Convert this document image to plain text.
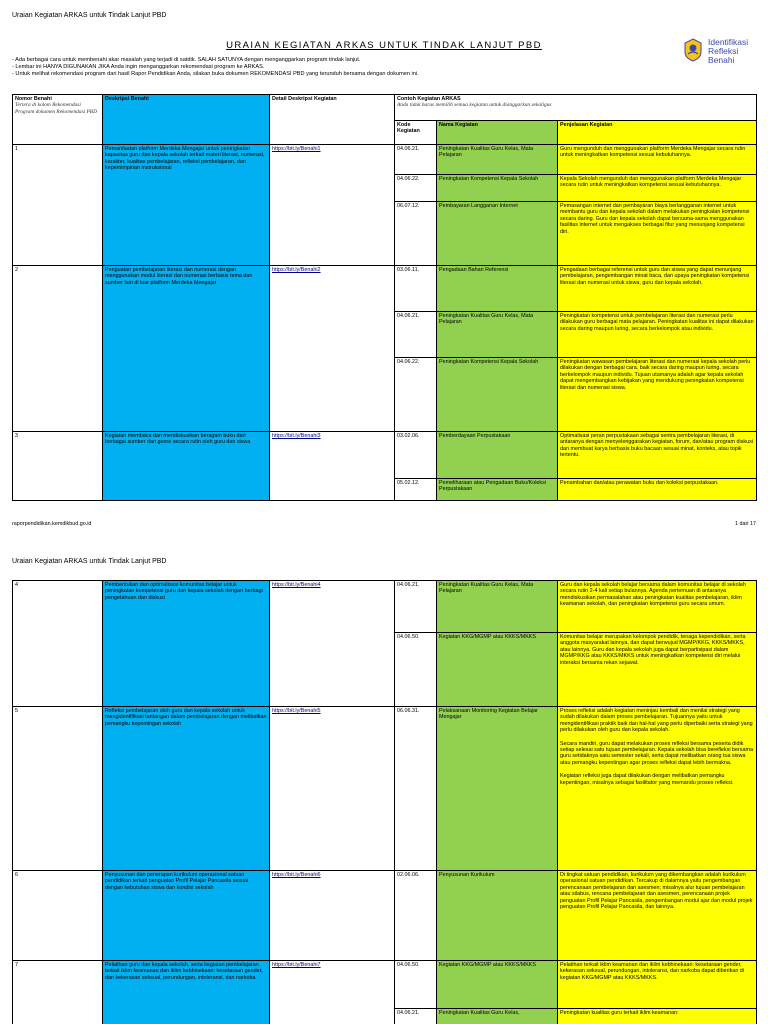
Uraian Kegiatan ARKAS untuk Tindak Lanjut PBD
URAIAN KEGIATAN ARKAS UNTUK TINDAK LANJUT PBD	Identifikasi
Refleksi
Benahi
- Ada berbagai cara untuk membenahi akar masalah yang terjadi di satdik. SALAH SATUNYA dengan menganggarkan program tindak lanjut.
- Lembar ini HANYA DIGUNAKAN JIKA Anda ingin menganggarkan rekomendasi program ke ARKAS.
- Untuk melihat rekomendasi program dari hasil Rapor Pendidikan Anda, silakan buka dokumen REKOMENDASI PBD yang terunduh bersama dengan dokumen ini.
Nomor Benahi
Tertera di kolom Rekomendasi Program dokumen Rekomendasi PBD	Deskripsi Benahi	Detail Deskripsi Kegiatan	Contoh Kegiatan ARKAS
Anda tidak harus memilih semua kegiatan untuk dianggarkan sekaligus		
			Kode Kegiatan	Nama Kegiatan	Penjelasan Kegiatan
1	Pemanfaatan platform Merdeka Mengajar untuk peningkatan kapasitas guru dan kepala sekolah terkait materi literasi, numerasi, karakter, kualitas pembelajaran, refleksi pembelajaran, dan kepemimpinan instruksional	https://bit.ly/Benahi1	04.06.21.	Peningkatan Kualitas Guru Kelas, Mata Pelajaran	Guru mengunduh dan menggunakan platform Merdeka Mengajar secara rutin untuk meningkatkan kompetensi sesuai kebutuhannya.
			04.06.22.	Peningkatan Kompetensi Kepala Sekolah	Kepala Sekolah mengunduh dan menggunakan platform Merdeka Mengajar secara rutin untuk meningkatkan kompetensi sesuai kebutuhannya.
			06.07.12.	Pembayaran Langganan Internet	Pemasangan internet dan pembayaran biaya berlangganan internet untuk membantu guru dan kepala sekolah dalam melakukan peningkatan kompetensi secara daring. Guru dan kepala sekolah dapat bersama-sama menggunakan fasilitas internet untuk mengakses berbagai fitur yang menunjang kompetensi diri.
2	Penguatan pembelajaran literasi dan numerasi dengan menggunakan modul literasi dan numerasi berbasis tema dan sumber lain di luar platform Merdeka Mengajar	https://bit.ly/Benahi2	03.06.11.	Pengadaan Bahan Referensi	Pengadaan berbagai referensi untuk guru dan siswa yang dapat menunjang pembelajaran, pengembangan minat baca, dan upaya peningkatan kompetensi literasi dan numerasi untuk siswa, guru dan kepala sekolah.
			04.06.21.	Peningkatan Kualitas Guru Kelas, Mata Pelajaran	Peningkatan kompetensi untuk pembelajaran literasi dan numerasi perlu dilakukan guru berbagai mata pelajaran. Peningkatan kualitas ini dapat dilakukan secara daring maupun luring, secara berkelompok atau individu.
			04.06.22.	Peningkatan Kompetensi Kepala Sekolah	Peningkatan wawasan pembelajaran literasi dan numerasi kepala sekolah perlu dilakukan dengan berbagai cara, baik secara daring maupun luring, secara berkelompok maupun individu. Tujuan utamanya adalah agar kepala sekolah dapat mengembangkan kebijakan yang mendukung peningkatan kompetensi literasi dan numerasi siswa.
3	Kegiatan membaca dan mendiskusikan beragam buku dari berbagai sumber dan genre secara rutin oleh guru dan siswa	https://bit.ly/Benahi3	03.02.06.	Pemberdayaan Perpustakaan	Optimalisasi peran perpustakaan sebagai sentra pembelajaran literasi, di antaranya dengan menyelenggarakan kegiatan, forum, dan/atau program diskusi dan membuat karya berbasis buku bacaan sesuai minat, konteks, atau topik tertentu.
			05.02.12.	Pemeliharaan atau Pengadaan Buku/Koleksi Perpustakaan	Penambahan dan/atau perawatan buku dan koleksi perpustakaan.
raporpendidikan.kemdikbud.go.id	1 dari 17
Uraian Kegiatan ARKAS untuk Tindak Lanjut PBD
4	Pembentukan dan optimalisasi komunitas belajar untuk peningkatan kompetensi guru dan kepala sekolah dengan berbagi pengetahuan dan diskusi	https://bit.ly/Benahi4	04.06.21.	Peningkatan Kualitas Guru Kelas, Mata Pelajaran	Guru dan kepala sekolah belajar bersama dalam komunitas belajar di sekolah secara rutin 2-4 kali setiap bulannya. Agenda pertemuan di antaranya mendiskusikan permasalahan atau peningkatan kualitas pembelajaran, iklim keamanan sekolah, dan peningkatan kompetensi guru secara umum.
			04.06.50.	Kegiatan KKG/MGMP atau KKKS/MKKS	Komunitas belajar merupakan kelompok pendidik, tenaga kependidikan, serta anggota masyarakat lainnya, dan dapat berwujud MGMP/KKG, KKKS/MKKS, atau lainnya. Guru dan kepala sekolah juga dapat berpartisipasi dalam MGMP/KKG atau KKKS/MKKS untuk meningkatkan kompetensi diri melalui interaksi bersama rekan sejawat.
5	Refleksi pembelajaran oleh guru dan kepala sekolah untuk mengidentifikasi tantangan dalam pembelajaran dengan melibatkan pemangku kepentingan sekolah	https://bit.ly/Benahi5	06.06.31.	Pelaksanaan Monitoring Kegiatan Belajar Mengajar	Proses refleksi adalah kegiatan meninjau kembali dan menilai strategi yang sudah dilakukan dalam proses pembelajaran. Tujuannya yaitu untuk mengidentifikasi praktik baik dan hal-hal yang perlu diperbaiki serta strategi yang perlu dilakukan oleh guru dan kepala sekolah.
Secara mandiri, guru dapat melakukan proses refleksi bersama peserta didik setiap selesai satu tujuan pembelajaran. Kepala sekolah bisa berefleksi bersama guru setidaknya satu semester sekali, serta dapat melibatkan orang tua siswa atau pemangku kepentingan agar proses refleksi dapat lebih bermakna.
Kegiatan refleksi juga dapat dilakukan dengan melibatkan pemangku kepentingan, misalnya sebagai fasilitator yang memandu proses refleksi.

6	Penyusunan dan penerapan kurikulum operasional satuan pendidikan terkait penguatan Profil Pelajar Pancasila sesuai dengan kebutuhan siswa dan kondisi sekolah	https://bit.ly/Benahi6	02.06.06.	Penyusunan Kurikulum	Di tingkat satuan pendidikan, kurikulum yang dikembangkan adalah kurikulum operasional satuan pendidikan. Tercakup di dalamnya yaitu pengembangan perencanaan pembelajaran dan asesmen; misalnya alur tujuan pembelajaran atau silabus, rencana pembelajaran dan asesmen, perencanaan projek penguatan Profil Pelajar Pancasila, pengembangan modul ajar dan modul projek penguatan Profil Pelajar Pancasila, dan lainnya.
7	Pelatihan guru dan kepala sekolah, serta kegiatan pembelajaran terkait iklim keamanan dan iklim kebhinekaan: kesetaraan gender, dan kekerasan seksual, perundungan, intoleransi, dan narkoba	https://bit.ly/Benahi7	04.06.50.	Kegiatan KKG/MGMP atau KKKS/MKKS	Pelatihan terkait iklim keamanan dan iklim kebhinekaan: kesetaraan gender, kekerasan seksual, perundungan, intoleransi, dan narkoba dapat diberikan di kegiatan KKG/MGMP atau KKKS/MKKS.
			04.06.21.	Peningkatan Kualitas Guru Kelas,	Peningkatan kualitas guru terkait iklim keamanan:
